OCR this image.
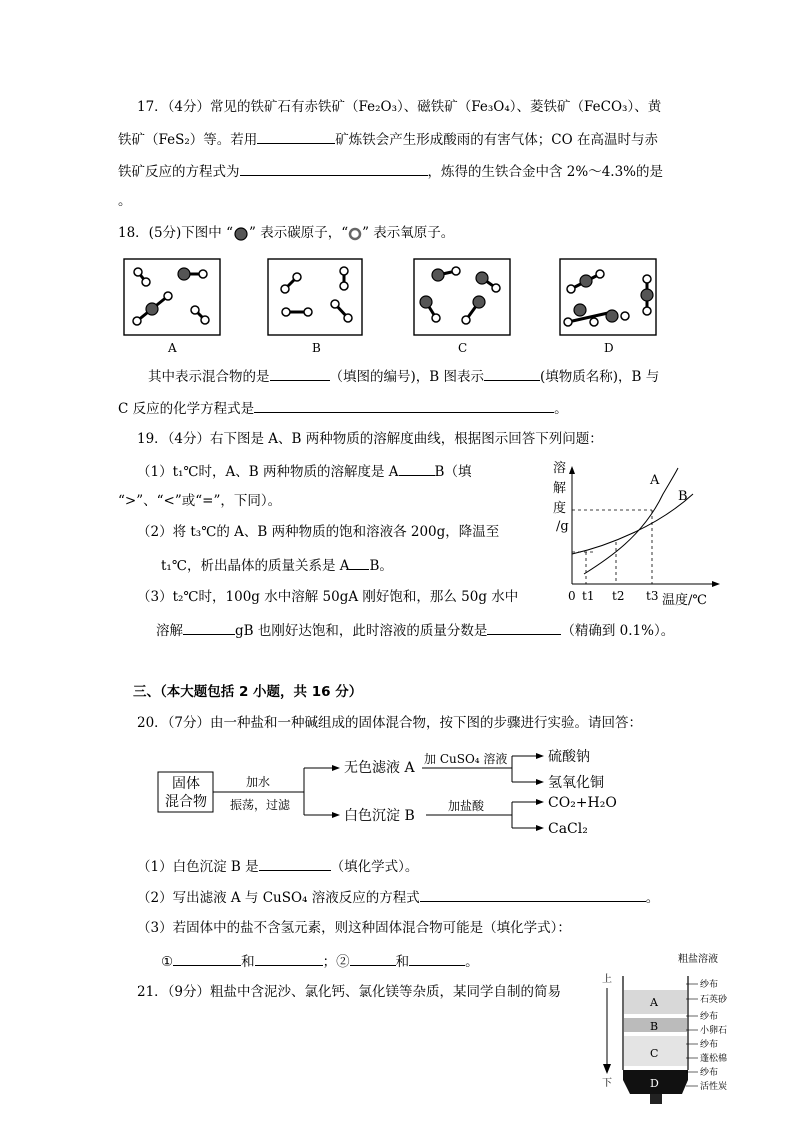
17．（4分）常见的铁矿石有赤铁矿（Fe₂O₃）、磁铁矿（Fe₃O₄）、菱铁矿（FeCO₃）、黄
铁矿（FeS₂）等。若用	矿炼铁会产生形成酸雨的有害气体；CO 在高温时与赤
铁矿反应的方程式为	，炼得的生铁合金中含 2%～4.3%的是
。
18．(5分)下图中 “ ” 表示碳原子，“ ” 表示氧原子。
A	B	C	D
其中表示混合物的是	（填图的编号)，B 图表示	(填物质名称)，B 与
C 反应的化学方程式是	。
19．（4分）右下图是 A、B 两种物质的溶解度曲线，根据图示回答下列问题：
（1）t₁℃时，A、B 两种物质的溶解度是 A	B（填
“>”、“<”或“=”，下同）。
（2）将 t₃℃的 A、B 两种物质的饱和溶液各 200g，降温至
t₁℃，析出晶体的质量关系是 A B。
（3）t₂℃时，100g 水中溶解 50gA 刚好饱和，那么 50g 水中
溶解	gB 也刚好达饱和，此时溶液的质量分数是	（精确到 0.1%）。
溶
解
度
/g
A
B
0 t1 t2 t3 温度/℃
三、（本大题包括 2 小题，共 16 分）
20．（7分）由一种盐和一种碱组成的固体混合物，按下图的步骤进行实验。请回答：
固体
混合物
加水
振荡，过滤
无色滤液 A
白色沉淀 B
加 CuSO₄ 溶液	硫酸钠
氢氧化铜
加盐酸	CO₂+H₂O
CaCl₂
（1）白色沉淀 B 是	（填化学式）。
（2）写出滤液 A 与 CuSO₄ 溶液反应的方程式	。
（3）若固体中的盐不含氢元素，则这种固体混合物可能是（填化学式）：
①	和	；②	和	。
21．（9分）粗盐中含泥沙、氯化钙、氯化镁等杂质，某同学自制的简易
粗盐溶液
上
下
A
B
C
D
纱布
石英砂
纱布
小卵石
纱布
蓬松棉
纱布
活性炭
